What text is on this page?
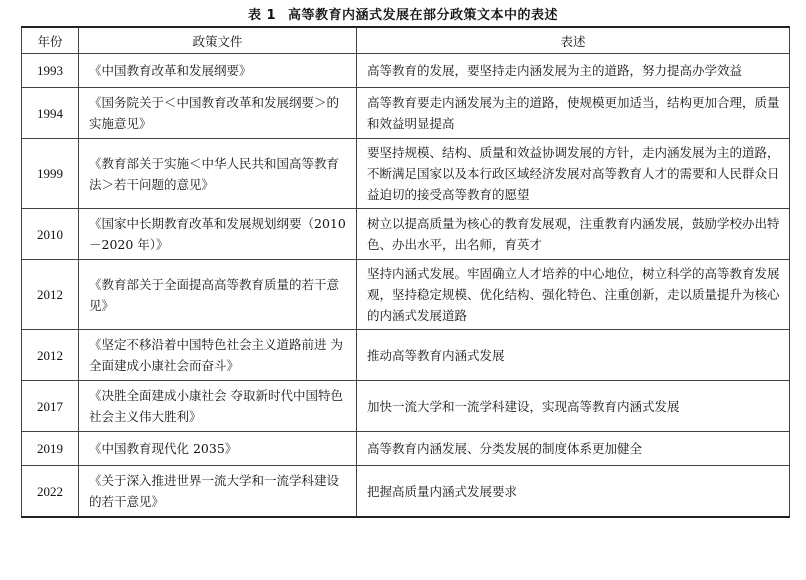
表 1 高等教育内涵式发展在部分政策文本中的表述
年份	政策文件	表述
1993	《中国教育改革和发展纲要》	高等教育的发展，要坚持走内涵发展为主的道路，努力提高办学效益
1994	《国务院关于＜中国教育改革和发展纲要＞的实施意见》	高等教育要走内涵发展为主的道路，使规模更加适当，结构更加合理，质量和效益明显提高
1999	《教育部关于实施＜中华人民共和国高等教育法＞若干问题的意见》	要坚持规模、结构、质量和效益协调发展的方针，走内涵发展为主的道路，不断满足国家以及本行政区域经济发展对高等教育人才的需要和人民群众日益迫切的接受高等教育的愿望
2010	《国家中长期教育改革和发展规划纲要（2010－2020 年）》	树立以提高质量为核心的教育发展观，注重教育内涵发展，鼓励学校办出特色、办出水平，出名师，育英才
2012	《教育部关于全面提高高等教育质量的若干意见》	坚持内涵式发展。牢固确立人才培养的中心地位，树立科学的高等教育发展观，坚持稳定规模、优化结构、强化特色、注重创新，走以质量提升为核心的内涵式发展道路
2012	《坚定不移沿着中国特色社会主义道路前进 为全面建成小康社会而奋斗》	推动高等教育内涵式发展
2017	《决胜全面建成小康社会 夺取新时代中国特色社会主义伟大胜利》	加快一流大学和一流学科建设，实现高等教育内涵式发展
2019	《中国教育现代化 2035》	高等教育内涵发展、分类发展的制度体系更加健全
2022	《关于深入推进世界一流大学和一流学科建设的若干意见》	把握高质量内涵式发展要求
